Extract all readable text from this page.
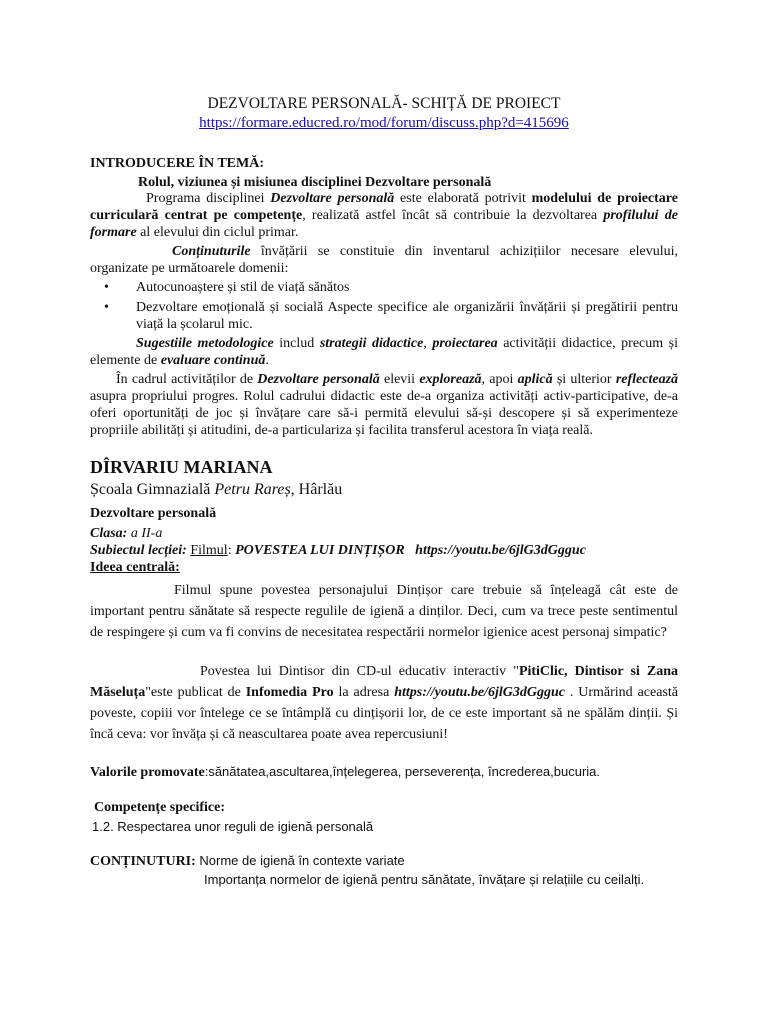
DEZVOLTARE PERSONALĂ- SCHIȚĂ DE PROIECT
https://formare.educred.ro/mod/forum/discuss.php?d=415696
INTRODUCERE ÎN TEMĂ:
Rolul, viziunea și misiunea disciplinei Dezvoltare personală

Programa disciplinei Dezvoltare personală este elaborată potrivit modelului de proiectare curriculară centrat pe competențe, realizată astfel încât să contribuie la dezvoltarea profilului de formare al elevului din ciclul primar.

Conținuturile învățării se constituie din inventarul achizițiilor necesare elevului, organizate pe următoarele domenii:

• Autocunoaștere și stil de viață sănătos
• Dezvoltare emoțională și socială Aspecte specifice ale organizării învățării și pregătirii pentru viață la școlarul mic.

Sugestiile metodologice includ strategii didactice, proiectarea activității didactice, precum și elemente de evaluare continuă.

În cadrul activităților de Dezvoltare personală elevii explorează, apoi aplică și ulterior reflectează asupra propriului progres. Rolul cadrului didactic este de-a organiza activități activ-participative, de-a oferi oportunități de joc și învățare care să-i permită elevului să-și descopere și să experimenteze propriile abilități și atitudini, de-a particulariza și facilita transferul acestora în viața reală.

DÎRVARIU MARIANA
Școala Gimnazială Petru Rareș, Hârlău
Dezvoltare personală
Clasa: a II-a
Subiectul lecției: Filmul: POVESTEA LUI DINȚIȘOR https://youtu.be/6jlG3dGgguc
Ideea centrală:

Filmul spune povestea personajului Dințișor care trebuie să înțeleagă cât este de important pentru sănătate să respecte regulile de igienă a dinților. Deci, cum va trece peste sentimentul de respingere și cum va fi convins de necesitatea respectării normelor igienice acest personaj simpatic?

Povestea lui Dintisor din CD-ul educativ interactiv "PitiClic, Dintisor si Zana Măseluța"este publicat de Infomedia Pro la adresa https://youtu.be/6jlG3dGgguc . Urmărind această poveste, copiii vor întelege ce se întâmplă cu dințișorii lor, de ce este important să ne spălăm dinții. Și încă ceva: vor învăța și că neascultarea poate avea repercusiuni!

Valorile promovate:sănătatea,ascultarea,înțelegerea, perseverența, încrederea,bucuria.
Competențe specifice:
1.2. Respectarea unor reguli de igienă personală
CONȚINUTURI: Norme de igienă în contexte variate
Importanța normelor de igienă pentru sănătate, învățare și relațiile cu ceilalți.
